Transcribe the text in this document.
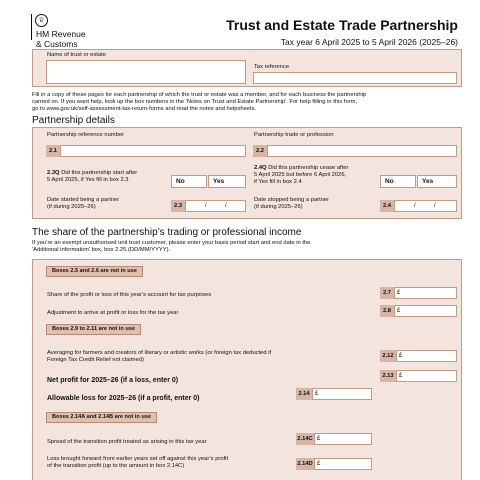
♕
HM Revenue
& Customs
Trust and Estate Trade Partnership
Tax year 6 April 2025 to 5 April 2026 (2025–26)
Name of trust or estate
Tax reference
Fill in a copy of these pages for each partnership of which the trust or estate was a member, and for each business the partnership
carried on. If you want help, look up the box numbers in the 'Notes on Trust and Estate Partnership'. For help filling in this form,
go to www.gov.uk/self-assessment-tax-return-forms and read the notes and helpsheets.
Partnership details
Partnership reference number
2.1
Partnership trade or profession
2.2
2.3Q Did this partnership start after
5 April 2025, if Yes fill in box 2.3	No	Yes
2.4Q Did this partnership cease after
5 April 2025 but before 6 April 2026,
if Yes fill in box 2.4	No	Yes
Date started being a partner
(if during 2025–26)	2.3	/	/
Date stopped being a partner
(if during 2025–26)	2.4	/	/
The share of the partnership’s trading or professional income
If you’re an exempt unauthorised unit trust customer, please enter your basis period start and end date in the
'Additional information' box, box 2.25 (DD/MM/YYYY).
Boxes 2.5 and 2.6 are not in use
Share of the profit or loss of this year’s account for tax purposes	2.7 £
Adjustment to arrive at profit or loss for the tax year	2.8 £
Boxes 2.9 to 2.11 are not in use
Averaging for farmers and creators of literary or artistic works (or foreign tax deducted if
Foreign Tax Credit Relief not claimed)
2.12 £
Net profit for 2025–26 (if a loss, enter 0)
2.13 £
Allowable loss for 2025–26 (if a profit, enter 0)
2.14 £
Boxes 2.14A and 2.14B are not in use
Spread of the transition profit treated as arising in this tax year	2.14C £
Loss brought forward from earlier years set off against this year’s profit
of the transition profit (up to the amount in box 2.14C)	2.14D £
